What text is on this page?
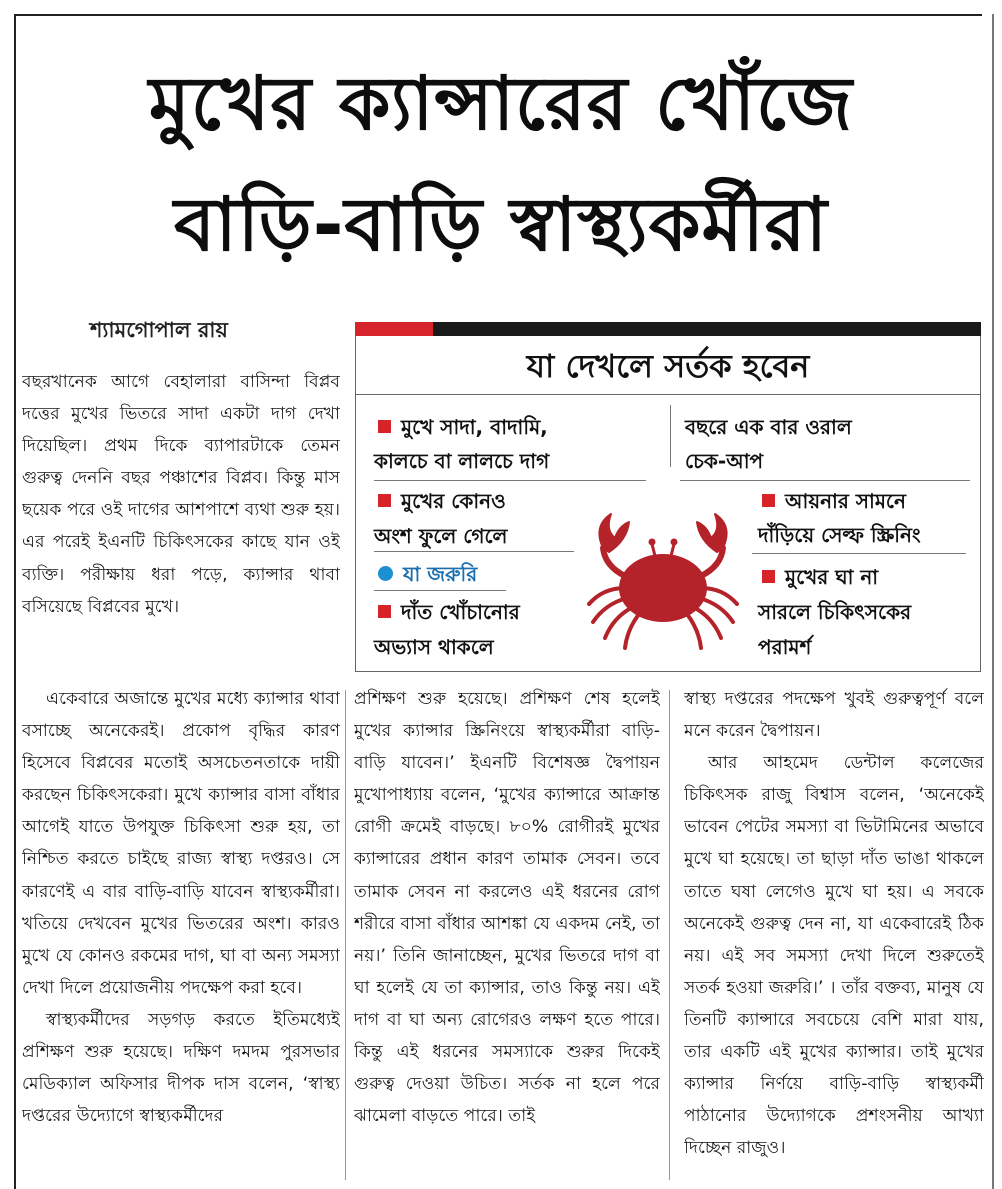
মুখের ক্যান্সারের খোঁজে
বাড়ি-বাড়ি স্বাস্থ্যকর্মীরা
শ্যামগোপাল রায়

বছরখানেক আগে বেহালারা বাসিন্দা বিপ্লব দত্তের মুখের ভিতরে সাদা একটা দাগ দেখা দিয়েছিল। প্রথম দিকে ব্যাপারটাকে তেমন গুরুত্ব দেননি বছর পঞ্চাশের বিপ্লব। কিন্তু মাস ছয়েক পরে ওই দাগের আশপাশে ব্যথা শুরু হয়। এর পরেই ইএনটি চিকিৎসকের কাছে যান ওই ব্যক্তি। পরীক্ষায় ধরা পড়ে, ক্যান্সার থাবা বসিয়েছে বিপ্লবের মুখে।

একেবারে অজান্তে মুখের মধ্যে ক্যান্সার থাবা বসাচ্ছে অনেকেরই। প্রকোপ বৃদ্ধির কারণ হিসেবে বিপ্লবের মতোই অসচেতনতাকে দায়ী করছেন চিকিৎসকেরা। মুখে ক্যান্সার বাসা বাঁধার আগেই যাতে উপযুক্ত চিকিৎসা শুরু হয়, তা নিশ্চিত করতে চাইছে রাজ্য স্বাস্থ্য দপ্তরও। সে কারণেই এ বার বাড়ি-বাড়ি যাবেন স্বাস্থ্যকর্মীরা। খতিয়ে দেখবেন মুখের ভিতরের অংশ। কারও মুখে যে কোনও রকমের দাগ, ঘা বা অন্য সমস্যা দেখা দিলে প্রয়োজনীয় পদক্ষেপ করা হবে।

স্বাস্থ্যকর্মীদের সড়গড় করতে ইতিমধ্যেই প্রশিক্ষণ শুরু হয়েছে। দক্ষিণ দমদম পুরসভার মেডিক্যাল অফিসার দীপক দাস বলেন, ‘স্বাস্থ্য দপ্তরের উদ্যোগে স্বাস্থ্যকর্মীদের

প্রশিক্ষণ শুরু হয়েছে। প্রশিক্ষণ শেষ হলেই মুখের ক্যান্সার স্ক্রিনিংয়ে স্বাস্থ্যকর্মীরা বাড়ি-বাড়ি যাবেন।’ ইএনটি বিশেষজ্ঞ দ্বৈপায়ন মুখোপাধ্যায় বলেন, ‘মুখের ক্যান্সারে আক্রান্ত রোগী ক্রমেই বাড়ছে। ৮০% রোগীরই মুখের ক্যান্সারের প্রধান কারণ তামাক সেবন। তবে তামাক সেবন না করলেও এই ধরনের রোগ শরীরে বাসা বাঁধার আশঙ্কা যে একদম নেই, তা নয়।’ তিনি জানাচ্ছেন, মুখের ভিতরে দাগ বা ঘা হলেই যে তা ক্যান্সার, তাও কিন্তু নয়। এই দাগ বা ঘা অন্য রোগেরও লক্ষণ হতে পারে। কিন্তু এই ধরনের সমস্যাকে শুরুর দিকেই গুরুত্ব দেওয়া উচিত। সর্তক না হলে পরে ঝামেলা বাড়তে পারে। তাই

স্বাস্থ্য দপ্তরের পদক্ষেপ খুবই গুরুত্বপূর্ণ বলে মনে করেন দ্বৈপায়ন।

আর আহমেদ ডেন্টাল কলেজের চিকিৎসক রাজু বিশ্বাস বলেন, ‘অনেকেই ভাবেন পেটের সমস্যা বা ভিটামিনের অভাবে মুখে ঘা হয়েছে। তা ছাড়া দাঁত ভাঙা থাকলে তাতে ঘষা লেগেও মুখে ঘা হয়। এ সবকে অনেকেই গুরুত্ব দেন না, যা একেবারেই ঠিক নয়। এই সব সমস্যা দেখা দিলে শুরুতেই সতর্ক হওয়া জরুরি।’ । তাঁর বক্তব্য, মানুষ যে তিনটি ক্যান্সারে সবচেয়ে বেশি মারা যায়, তার একটি এই মুখের ক্যান্সার। তাই মুখের ক্যান্সার নির্ণয়ে বাড়ি-বাড়ি স্বাস্থ্যকর্মী পাঠানোর উদ্যোগকে প্রশংসনীয় আখ্যা দিচ্ছেন রাজুও।

যা দেখলে সর্তক হবেন
মুখে সাদা, বাদামি,
কালচে বা লালচে দাগ
মুখের কোনও
অংশ ফুলে গেলে
যা জরুরি
দাঁত খোঁচানোর
অভ্যাস থাকলে
বছরে এক বার ওরাল
চেক-আপ
আয়নার সামনে
দাঁড়িয়ে সেল্ফ স্ক্রিনিং
মুখের ঘা না
সারলে চিকিৎসকের
পরামর্শ
